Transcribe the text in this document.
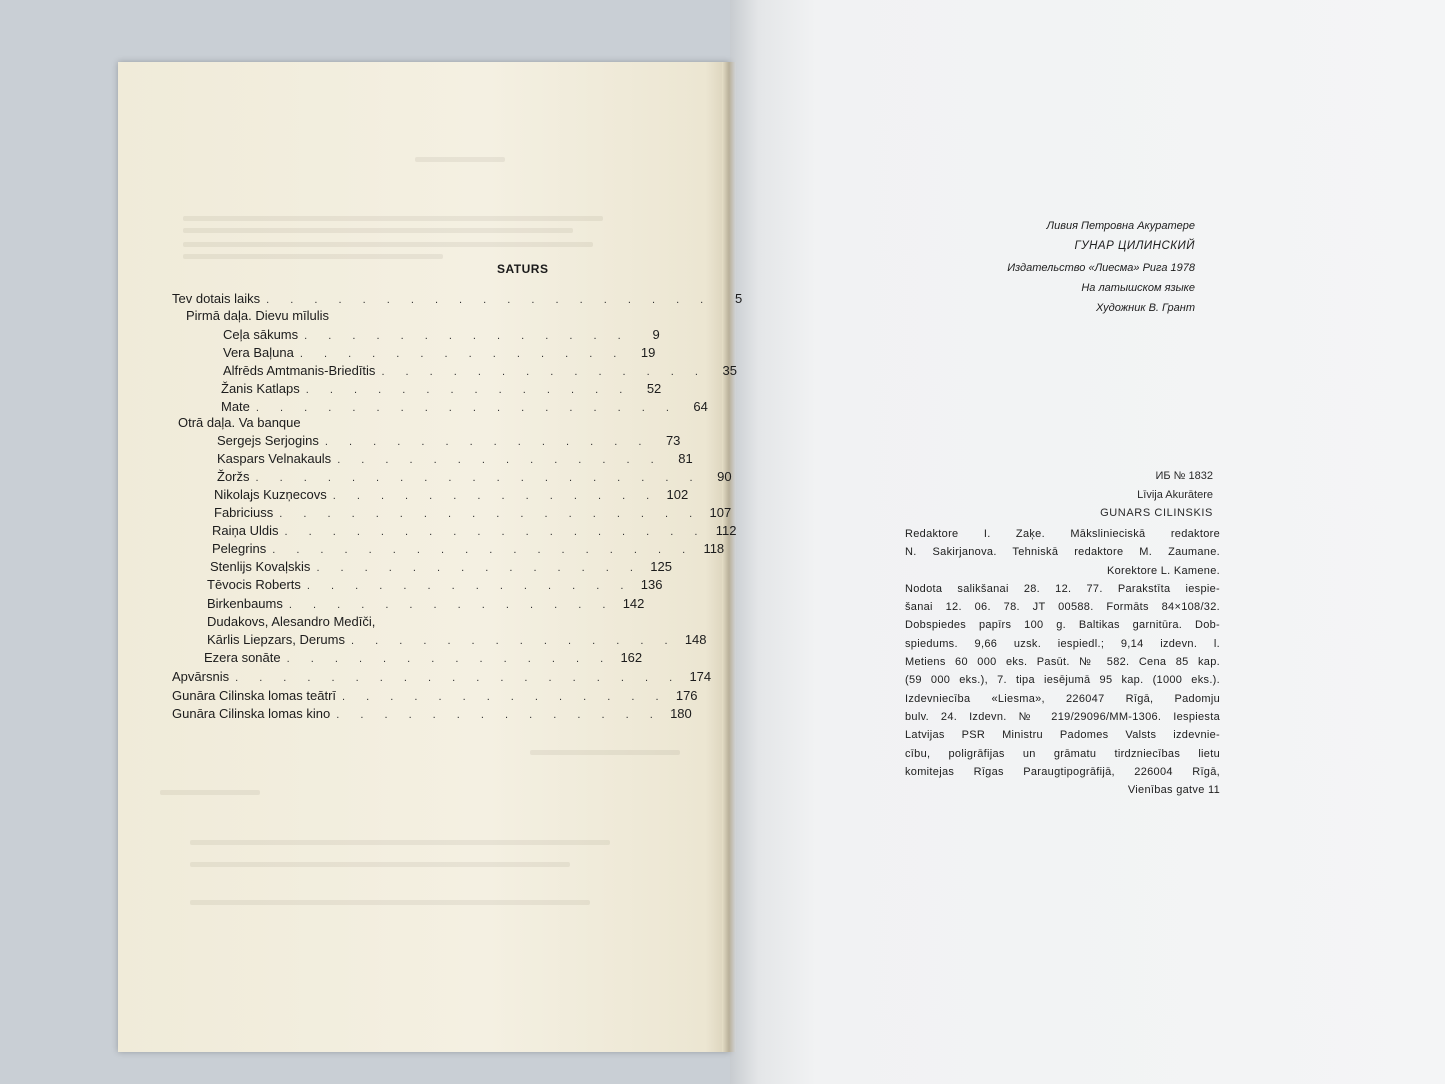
SATURS
Tev dotais laiks . . . . . . . . . . . . . . . . . . .	5
Pirmā daļa. Dievu mīlulis
Ceļa sākums . . . . . . . . . . . . . .	9
Vera Baļuna . . . . . . . . . . . . . .	19
Alfrēds Amtmanis-Briedītis . . . . . . . . . . . . . .	35
Žanis Katlaps . . . . . . . . . . . . . .	52
Mate . . . . . . . . . . . . . . . . . .	64
Otrā daļa. Va banque
Sergejs Serjogins . . . . . . . . . . . . . .	73
Kaspars Velnakauls . . . . . . . . . . . . . .	81
Žoržs . . . . . . . . . . . . . . . . . . .	90
Nikolajs Kuzņecovs . . . . . . . . . . . . . . 102
Fabriciuss . . . . . . . . . . . . . . . . . . 107
Raiņa Uldis . . . . . . . . . . . . . . . . . . 112
Pelegrins . . . . . . . . . . . . . . . . . . 118
Stenlijs Kovaļskis . . . . . . . . . . . . . . 125
Tēvocis Roberts . . . . . . . . . . . . . . 136
Birkenbaums . . . . . . . . . . . . . . 142
Dudakovs, Alesandro Medīči,
Kārlis Liepzars, Derums . . . . . . . . . . . . . . 148
Ezera sonāte . . . . . . . . . . . . . . 162
Apvārsnis . . . . . . . . . . . . . . . . . . . 174
Gunāra Cilinska lomas teātrī . . . . . . . . . . . . . . 176
Gunāra Cilinska lomas kino . . . . . . . . . . . . . . 180
Ливия Петровна Акуратере
ГУНАР ЦИЛИНСКИЙ
Издательство «Лиесма» Рига 1978
На латышском языке
Художник В. Грант
ИБ № 1832
Līvija Akurātere
GUNARS CILINSKIS

Redaktore I. Zaķe. Mākslinieciskā redaktore

N. Sakirjanova. Tehniskā redaktore M. Zaumane.

Korektore L. Kamene.

Nodota salikšanai 28. 12. 77. Parakstīta iespie-

šanai 12. 06. 78. JT 00588. Formāts 84×108/32.

Dobspiedes papīrs 100 g. Baltikas garnitūra. Dob-

spiedums. 9,66 uzsk. iespiedl.; 9,14 izdevn. l.

Metiens 60 000 eks. Pasūt. № 582. Cena 85 kap.

(59 000 eks.), 7. tipa iesējumā 95 kap. (1000 eks.).

Izdevniecība «Liesma», 226047 Rīgā, Padomju

bulv. 24. Izdevn. № 219/29096/MM-1306. Iespiesta

Latvijas PSR Ministru Padomes Valsts izdevnie-

cību, poligrāfijas un grāmatu tirdzniecības lietu

komitejas Rīgas Paraugtipogrāfijā, 226004 Rīgā,

Vienības gatve 11
